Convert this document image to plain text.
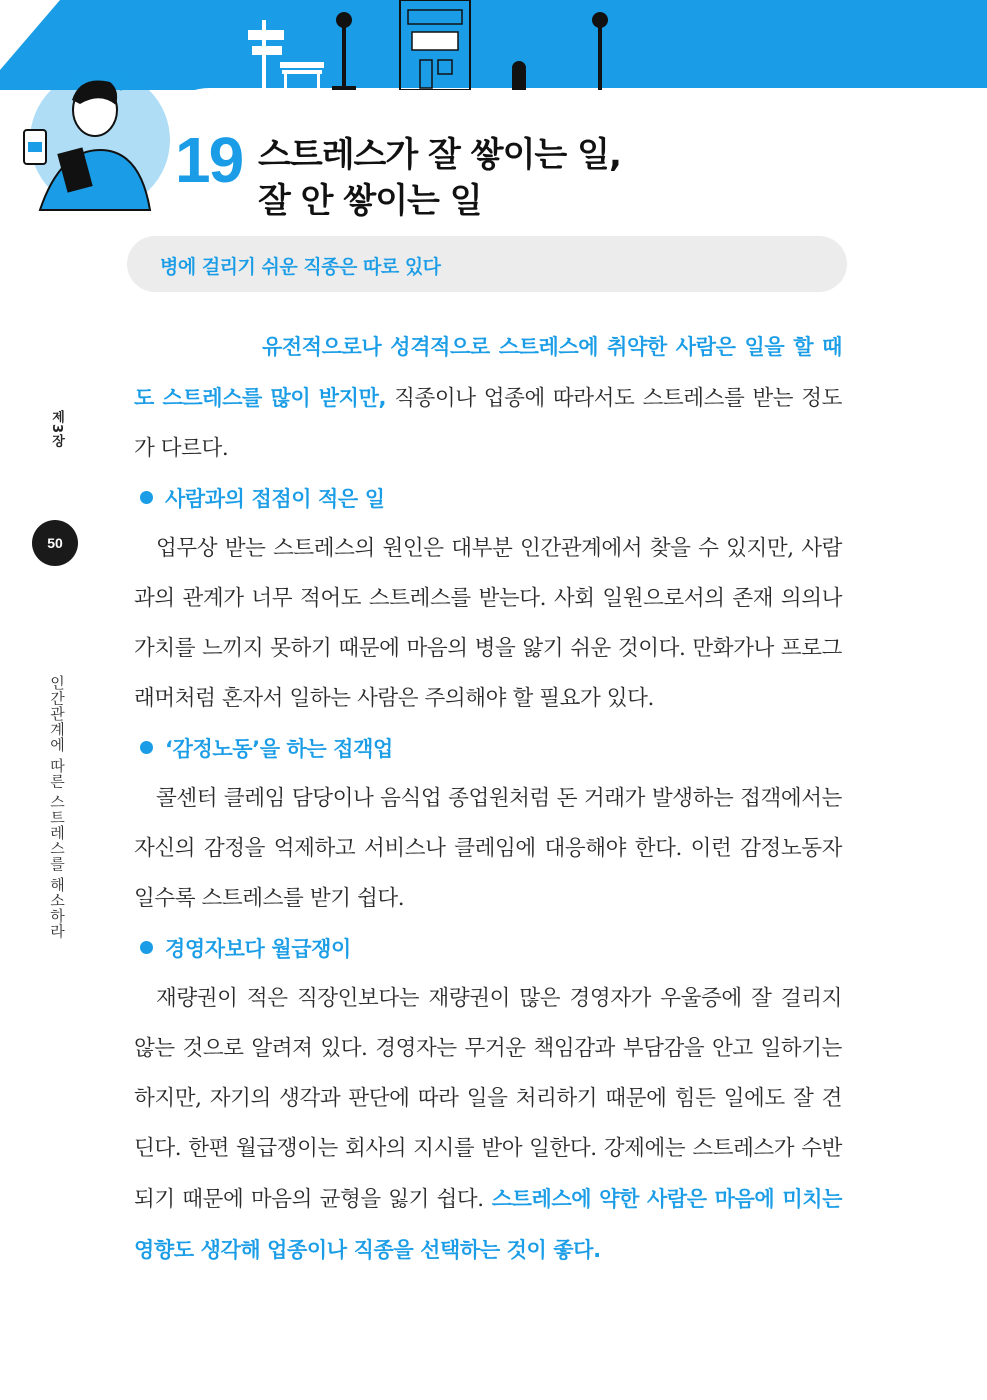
19 스트레스가 잘 쌓이는 일,
잘 안 쌓이는 일
병에 걸리기 쉬운 직종은 따로 있다
제3장
50
인간관계에 따른 스트레스를 해소하라
유전적으로나 성격적으로 스트레스에 취약한 사람은 일을 할 때도 스트레스를 많이 받지만, 직종이나 업종에 따라서도 스트레스를 받는 정도가 다르다.
사람과의 접점이 적은 일
업무상 받는 스트레스의 원인은 대부분 인간관계에서 찾을 수 있지만, 사람과의 관계가 너무 적어도 스트레스를 받는다. 사회 일원으로서의 존재 의의나 가치를 느끼지 못하기 때문에 마음의 병을 앓기 쉬운 것이다. 만화가나 프로그래머처럼 혼자서 일하는 사람은 주의해야 할 필요가 있다.
‘감정노동’을 하는 접객업
콜센터 클레임 담당이나 음식업 종업원처럼 돈 거래가 발생하는 접객에서는 자신의 감정을 억제하고 서비스나 클레임에 대응해야 한다. 이런 감정노동자일수록 스트레스를 받기 쉽다.
경영자보다 월급쟁이
재량권이 적은 직장인보다는 재량권이 많은 경영자가 우울증에 잘 걸리지 않는 것으로 알려져 있다. 경영자는 무거운 책임감과 부담감을 안고 일하기는 하지만, 자기의 생각과 판단에 따라 일을 처리하기 때문에 힘든 일에도 잘 견딘다. 한편 월급쟁이는 회사의 지시를 받아 일한다. 강제에는 스트레스가 수반되기 때문에 마음의 균형을 잃기 쉽다. 스트레스에 약한 사람은 마음에 미치는 영향도 생각해 업종이나 직종을 선택하는 것이 좋다.
